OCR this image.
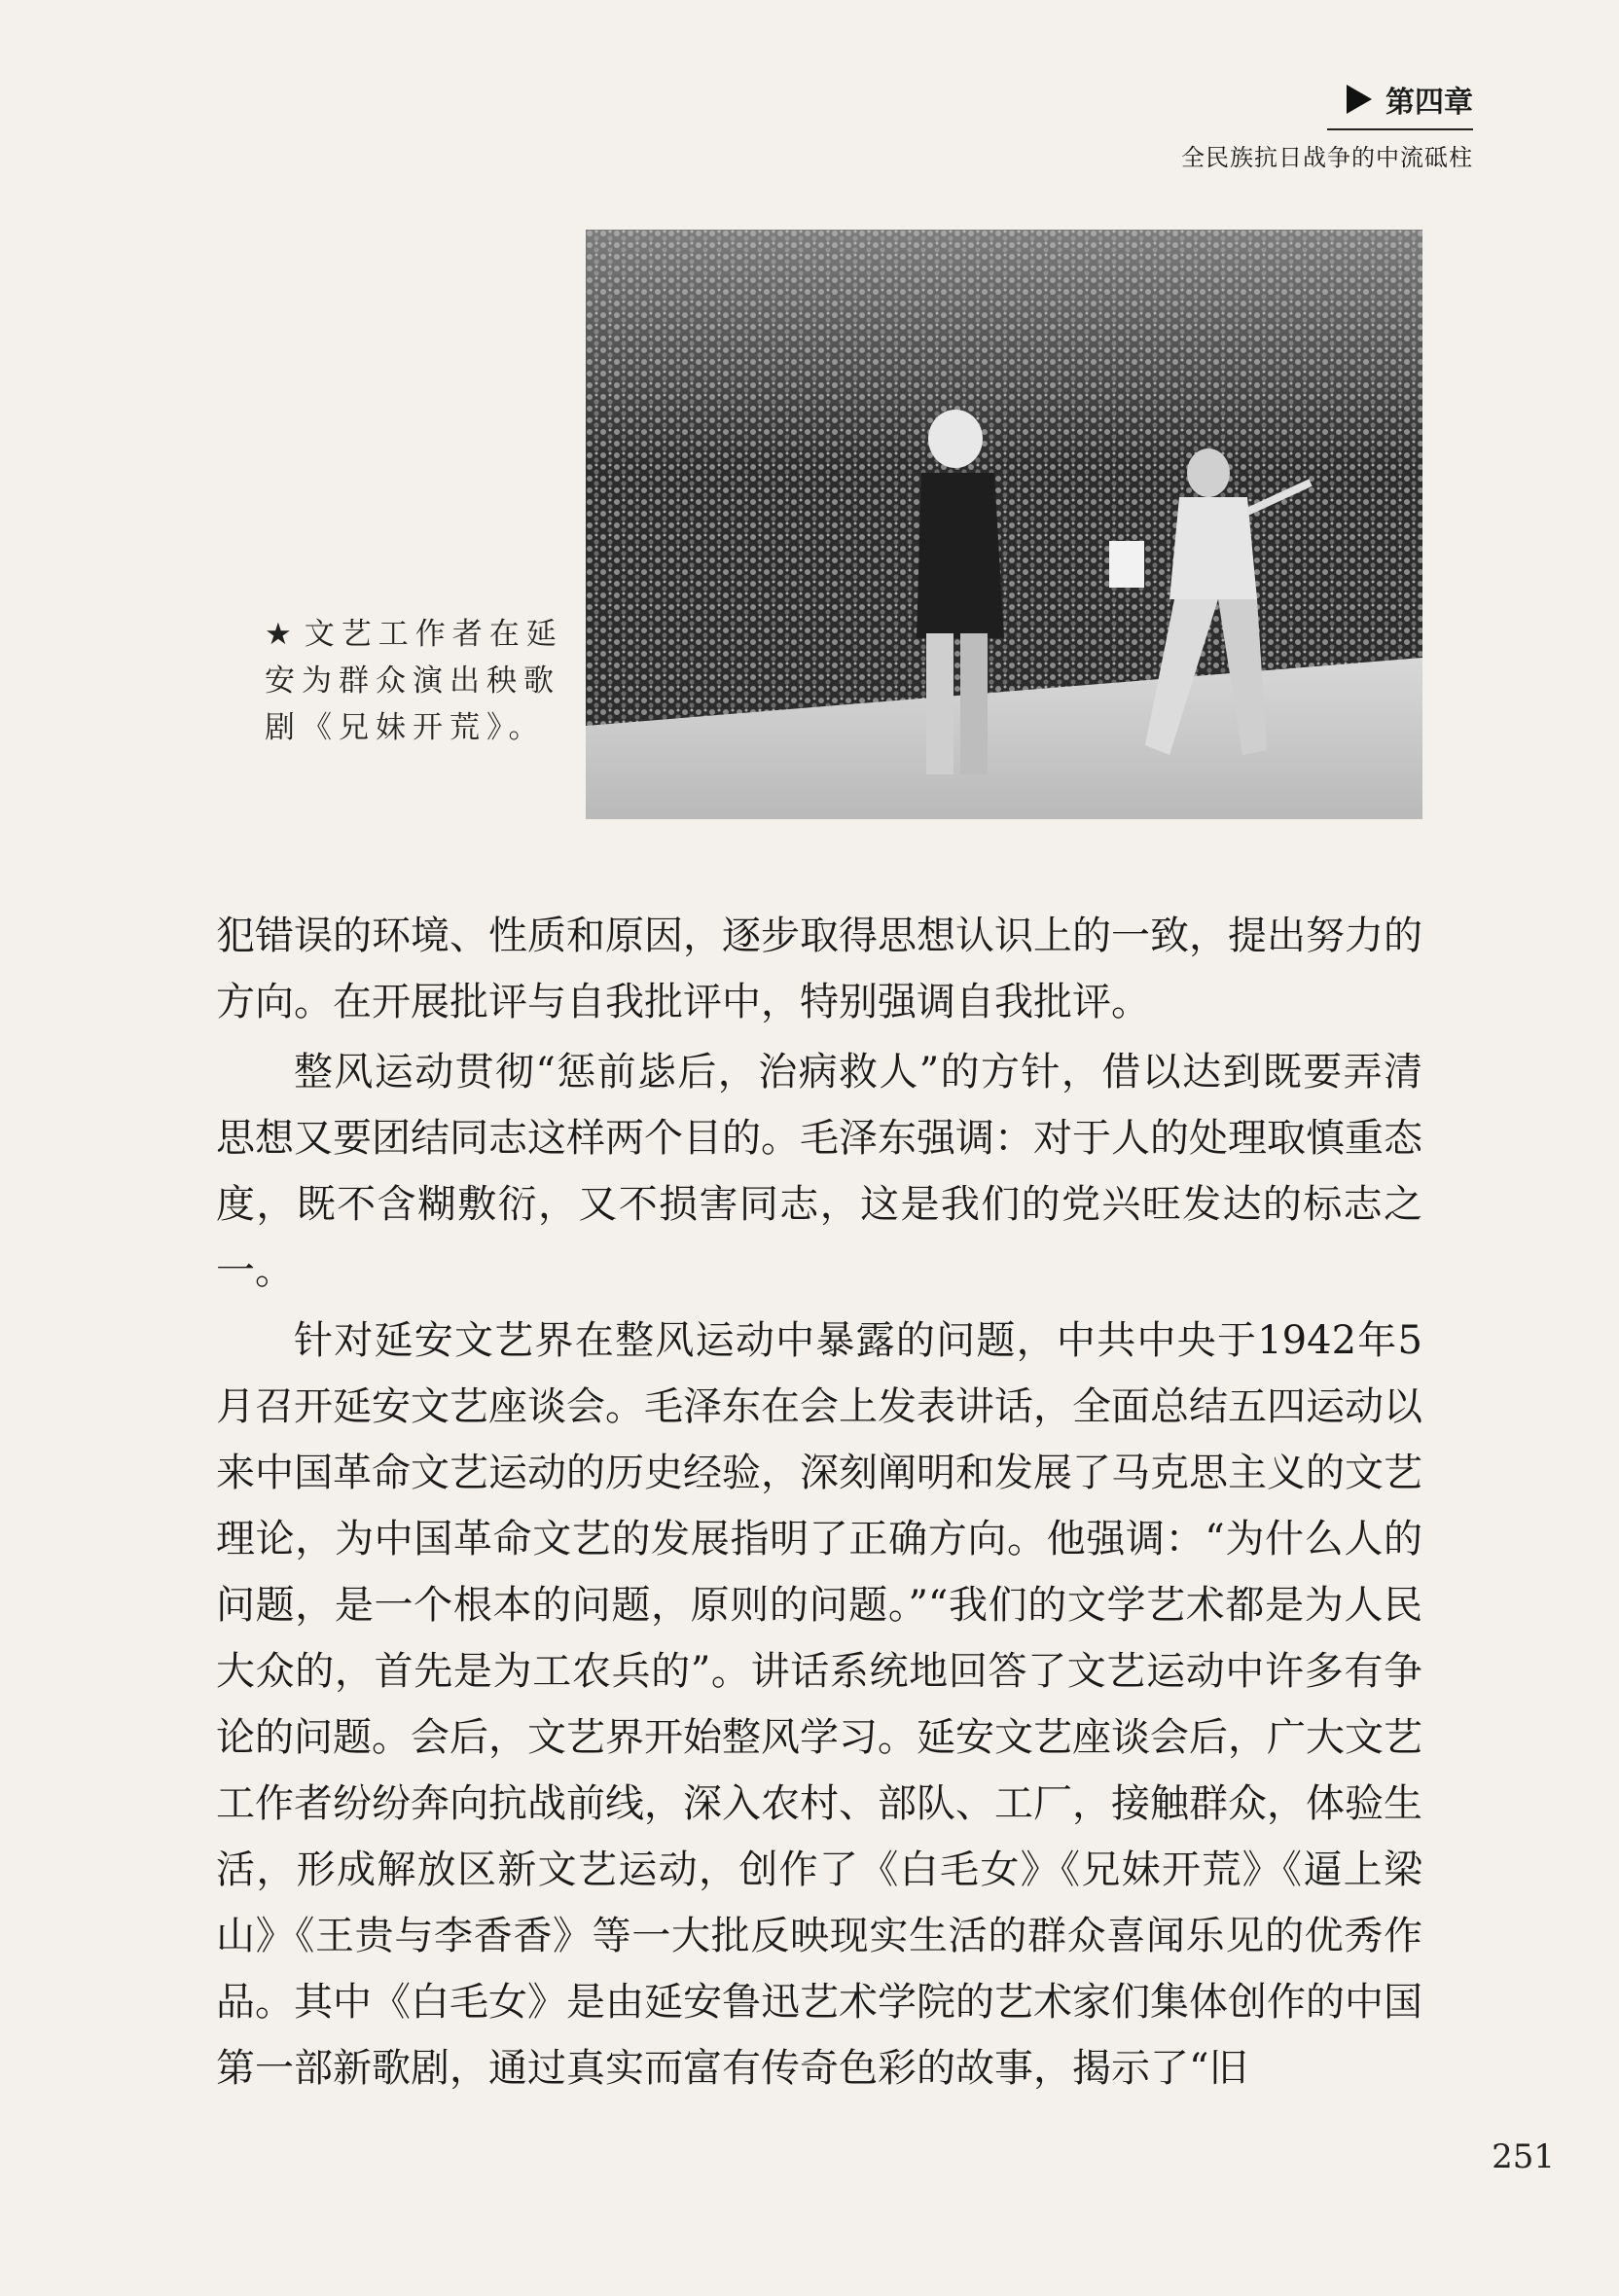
第四章
全民族抗日战争的中流砥柱
★ 文艺工作者在延安为群众演出秧歌剧《兄妹开荒》。

犯错误的环境、性质和原因，逐步取得思想认识上的一致，提出努力的方向。在开展批评与自我批评中，特别强调自我批评。

整风运动贯彻“惩前毖后，治病救人”的方针，借以达到既要弄清思想又要团结同志这样两个目的。毛泽东强调：对于人的处理取慎重态度，既不含糊敷衍，又不损害同志，这是我们的党兴旺发达的标志之一。

针对延安文艺界在整风运动中暴露的问题，中共中央于1942年5月召开延安文艺座谈会。毛泽东在会上发表讲话，全面总结五四运动以来中国革命文艺运动的历史经验，深刻阐明和发展了马克思主义的文艺理论，为中国革命文艺的发展指明了正确方向。他强调：“为什么人的问题，是一个根本的问题，原则的问题。”“我们的文学艺术都是为人民大众的，首先是为工农兵的”。讲话系统地回答了文艺运动中许多有争论的问题。会后，文艺界开始整风学习。延安文艺座谈会后，广大文艺工作者纷纷奔向抗战前线，深入农村、部队、工厂，接触群众，体验生活，形成解放区新文艺运动，创作了《白毛女》《兄妹开荒》《逼上梁山》《王贵与李香香》等一大批反映现实生活的群众喜闻乐见的优秀作品。其中《白毛女》是由延安鲁迅艺术学院的艺术家们集体创作的中国第一部新歌剧，通过真实而富有传奇色彩的故事，揭示了“旧

251
